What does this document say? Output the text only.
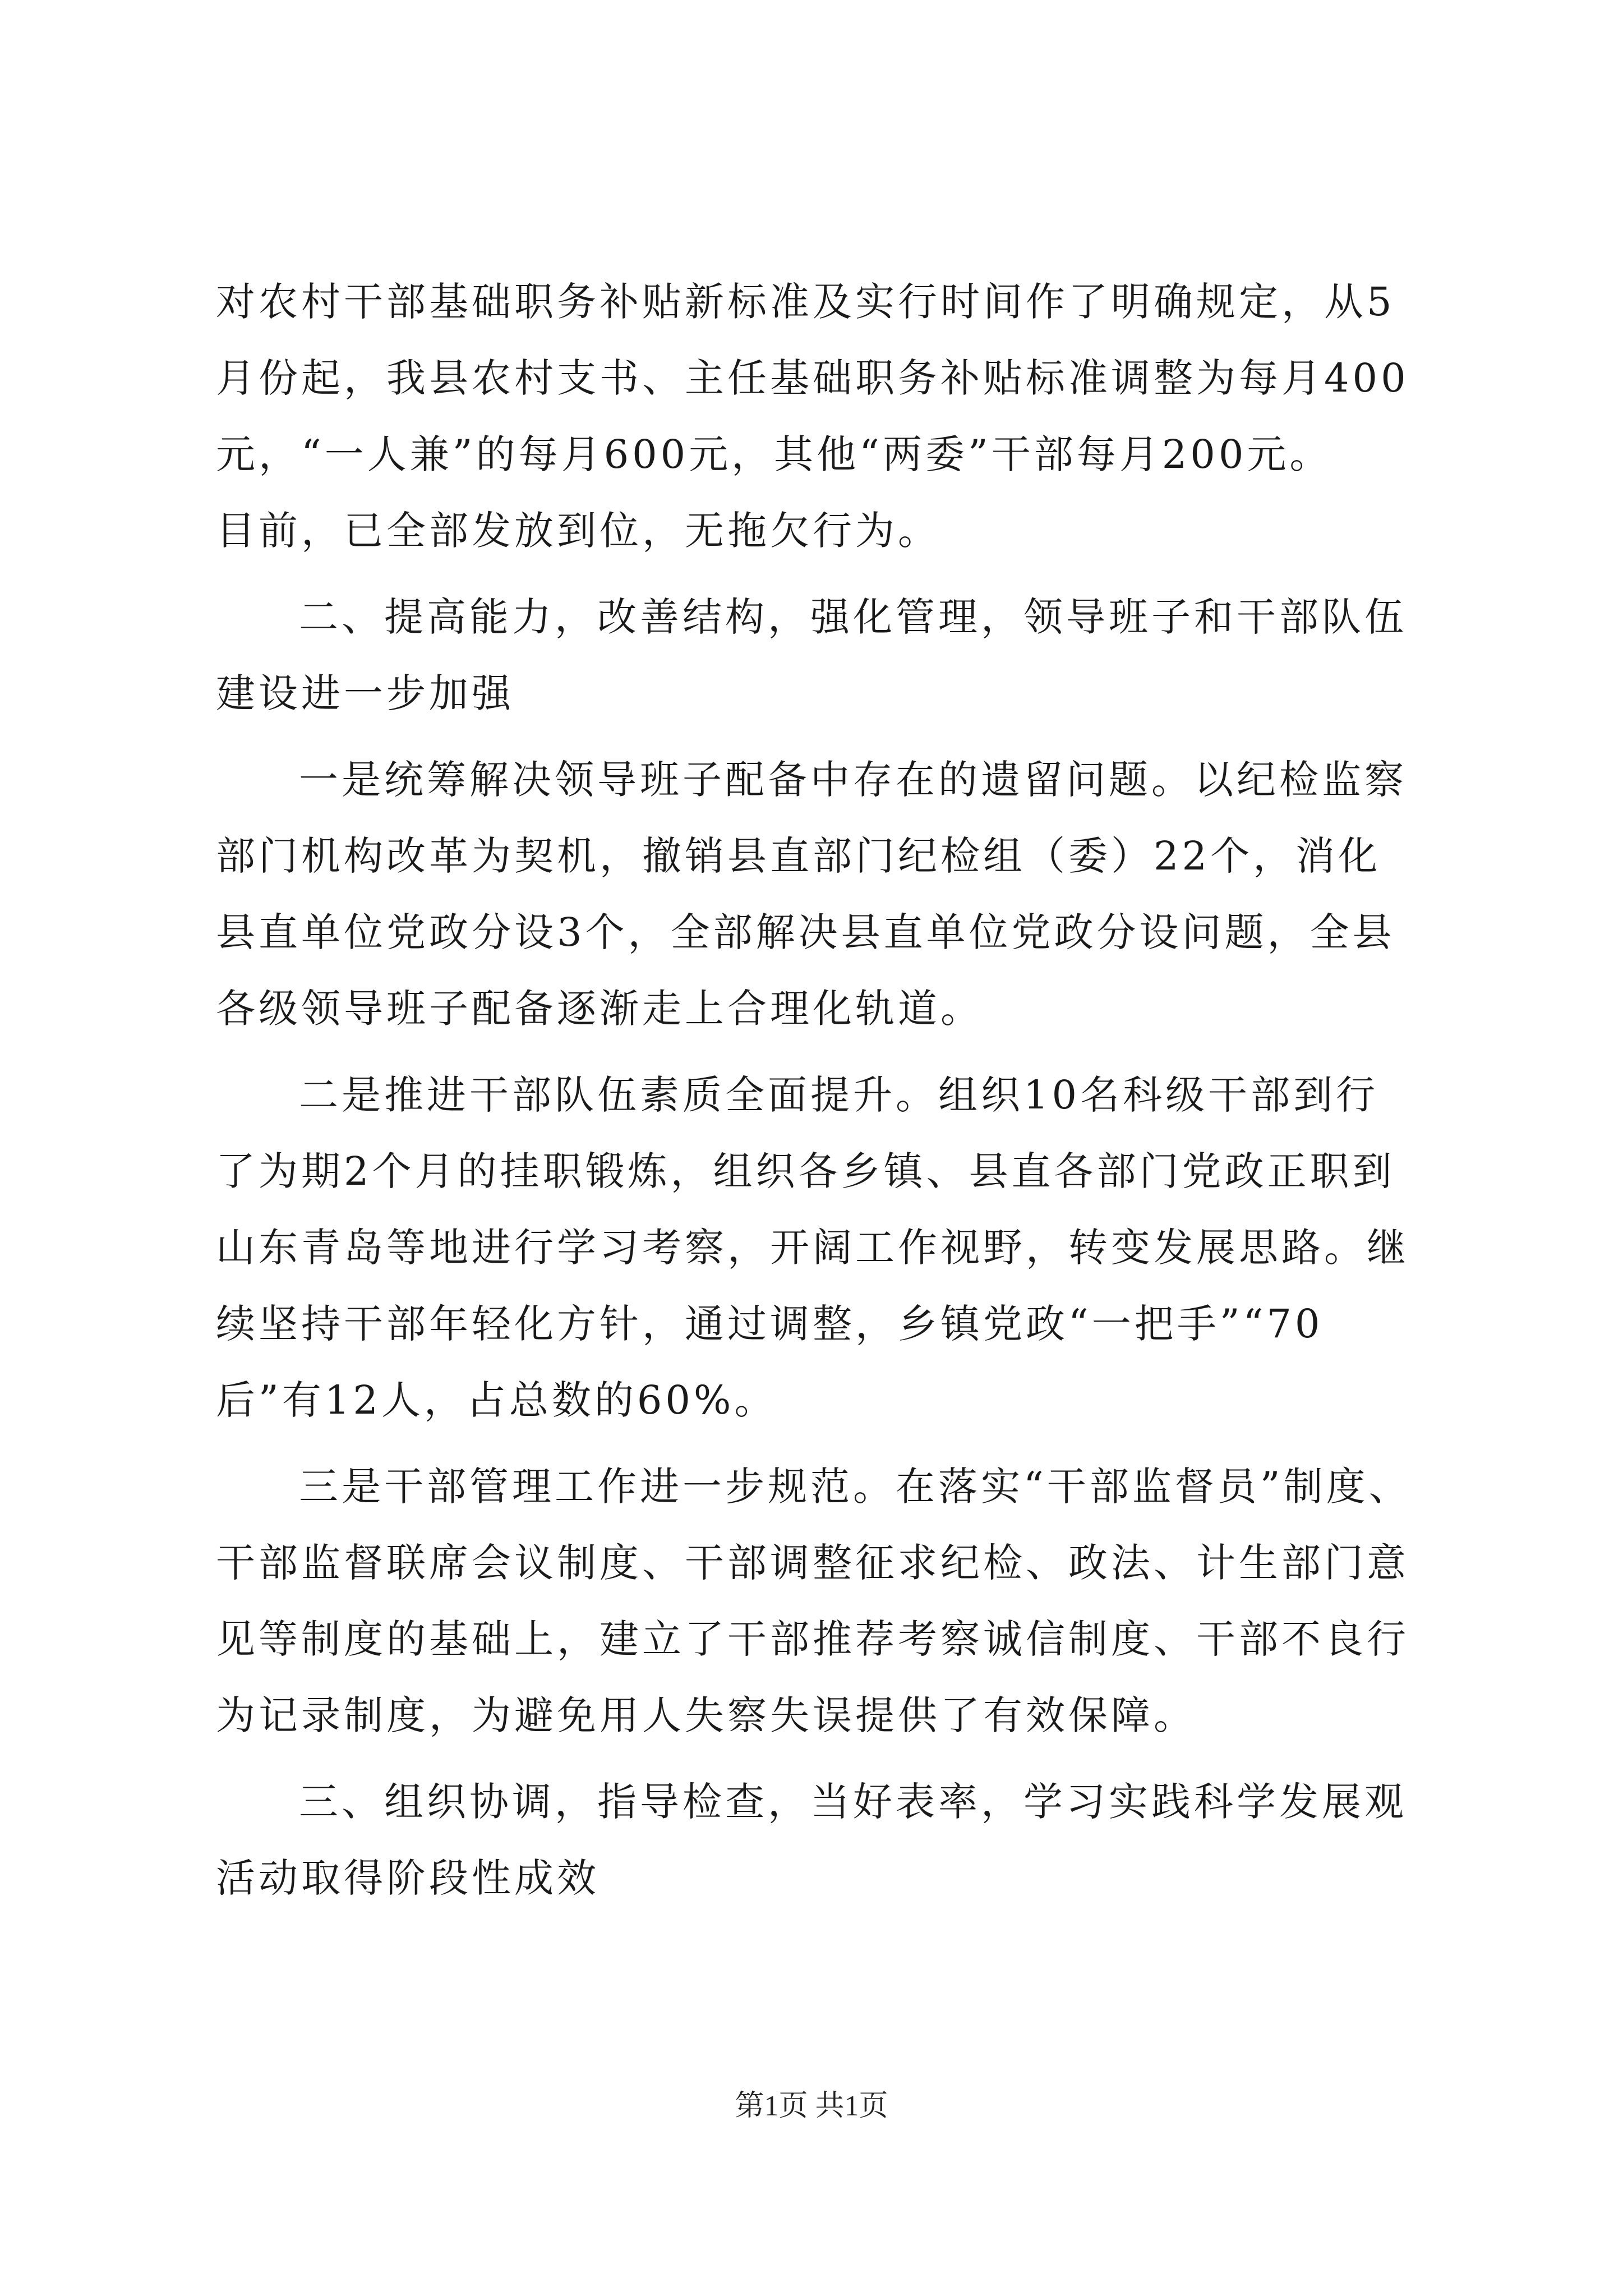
对农村干部基础职务补贴新标准及实行时间作了明确规定，从5
月份起，我县农村支书、主任基础职务补贴标准调整为每月400
元，“一人兼”的每月600元，其他“两委”干部每月200元。
目前，已全部发放到位，无拖欠行为。
二、提高能力，改善结构，强化管理，领导班子和干部队伍
建设进一步加强
一是统筹解决领导班子配备中存在的遗留问题。以纪检监察
部门机构改革为契机，撤销县直部门纪检组（委）22个，消化
县直单位党政分设3个，全部解决县直单位党政分设问题，全县
各级领导班子配备逐渐走上合理化轨道。
二是推进干部队伍素质全面提升。组织10名科级干部到行
了为期2个月的挂职锻炼，组织各乡镇、县直各部门党政正职到
山东青岛等地进行学习考察，开阔工作视野，转变发展思路。继
续坚持干部年轻化方针，通过调整，乡镇党政“一把手”“70
后”有12人，占总数的60%。
三是干部管理工作进一步规范。在落实“干部监督员”制度、
干部监督联席会议制度、干部调整征求纪检、政法、计生部门意
见等制度的基础上，建立了干部推荐考察诚信制度、干部不良行
为记录制度，为避免用人失察失误提供了有效保障。
三、组织协调，指导检查，当好表率，学习实践科学发展观
活动取得阶段性成效
第1页 共1页
